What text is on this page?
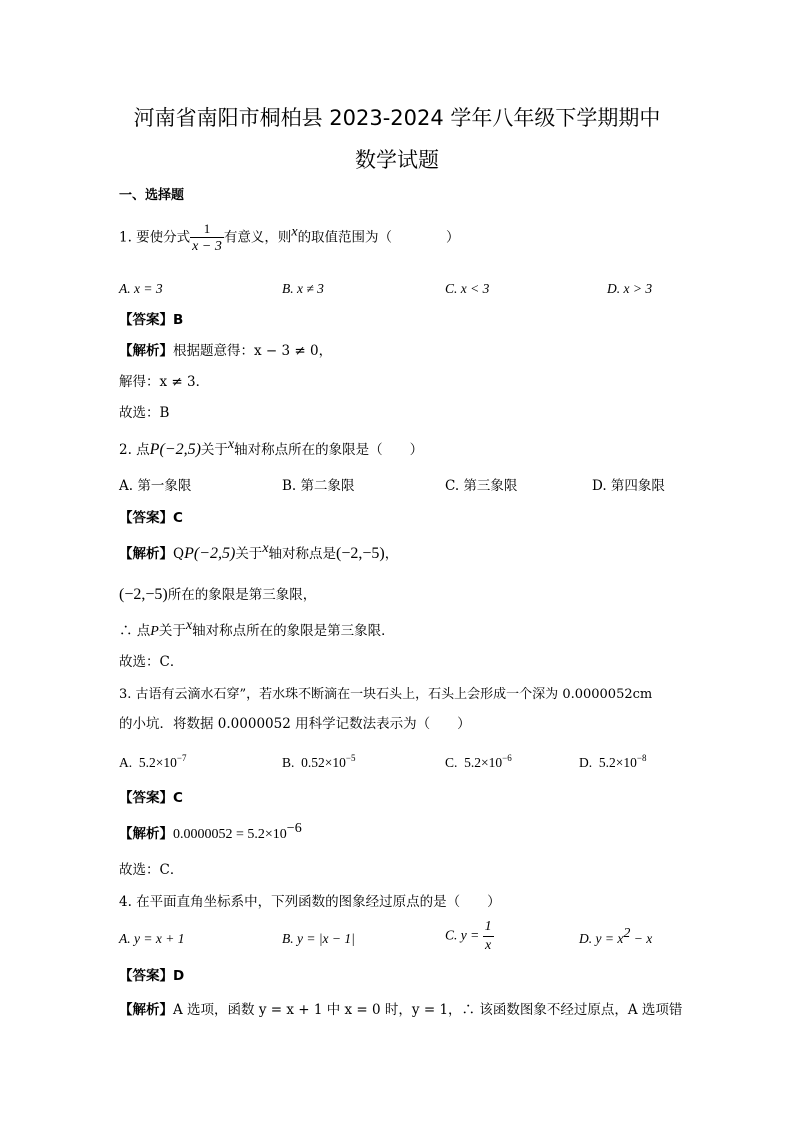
河南省南阳市桐柏县 2023-2024 学年八年级下学期期中
数学试题
一、选择题
1. 要使分式 $\frac{1}{x - 3}$ 有意义，则$^x$的取值范围为（　　　　）
A. x = 3	B. x ≠ 3	C. x < 3	D. x > 3
【答案】B
【解析】根据题意得：x − 3 ≠ 0，
解得：x ≠ 3．
故选：B
2. 点P(−2,5)关于$^x$轴对称点所在的象限是（　　）
A. 第一象限	B. 第二象限	C. 第三象限	D. 第四象限
【答案】C
【解析】QP(−2,5)关于$^x$轴对称点是(−2,−5)，
(−2,−5)所在的象限是第三象限，
∴ 点P关于$^x$轴对称点所在的象限是第三象限．
故选：C．
3. 古语有云滴水石穿”，若水珠不断滴在一块石头上，石头上会形成一个深为 0.0000052cm
的小坑．将数据 0.0000052 用科学记数法表示为（　　）
A. $5.2\times 10^{-7}$	B. $0.52\times 10^{-5}$	C. $5.2\times 10^{-6}$	D. $5.2\times 10^{-8}$
【答案】C
【解析】$0.0000052 = 5.2\times 10^{-6}$
故选：C．
4. 在平面直角坐标系中，下列函数的图象经过原点的是（　　）
A. y = x + 1	B. y = |x − 1|	C. $y = \frac{1}{x}$	D. $y = x^2 - x$
【答案】D
【解析】A 选项，函数 y = x + 1 中 x = 0 时，y = 1，∴ 该函数图象不经过原点，A 选项错
